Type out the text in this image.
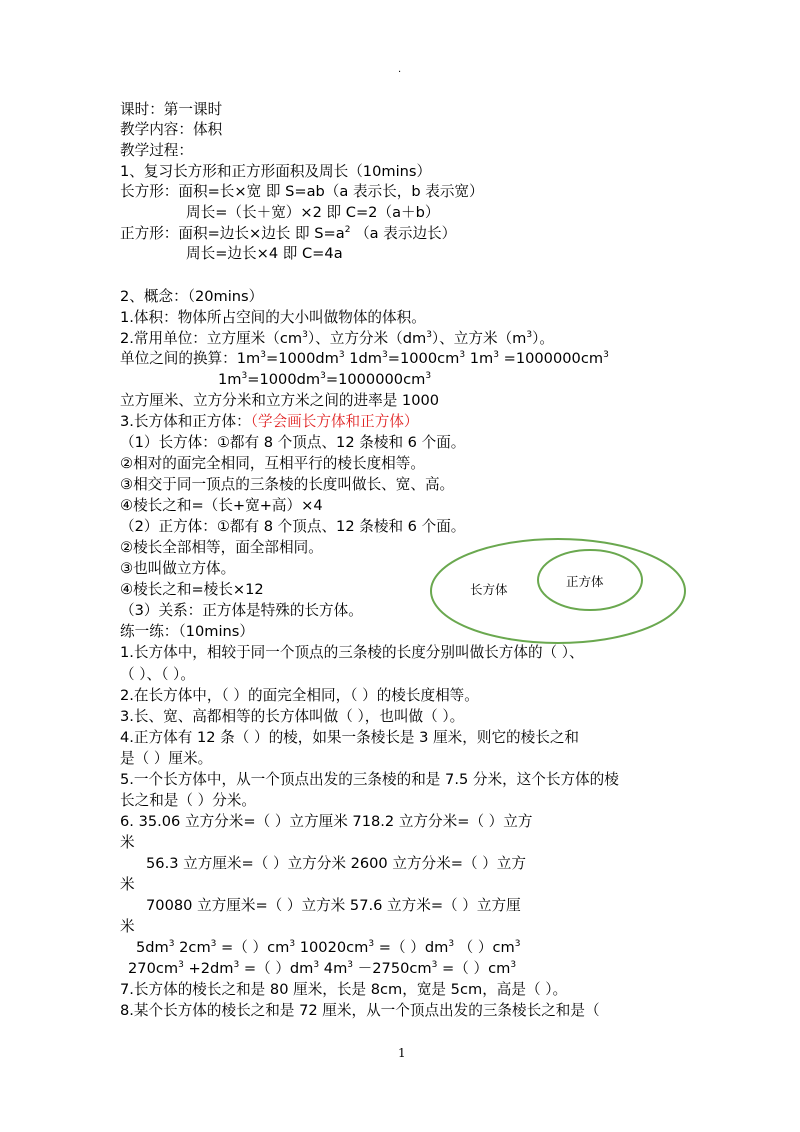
.
课时：第一课时
教学内容：体积
教学过程：
1、复习长方形和正方形面积及周长（10mins）
长方形：面积=长×宽 即 S=ab（a 表示长，b 表示宽）
周长=（长＋宽）×2 即 C=2（a＋b）
正方形：面积=边长×边长 即 $S=a^2$ （a 表示边长）
周长=边长×4 即 C=4a
2、概念：（20mins）
1.体积：物体所占空间的大小叫做物体的体积。
2.常用单位：立方厘米$(cm^3)$、立方分米$(dm^3)$、立方米$(m^3)$。
单位之间的换算：$1m^3=1000dm^3$ $1dm^3=1000cm^3$ $1m^3 =1000000cm^3$
$1m^3=1000dm^3=1000000cm^3$
立方厘米、立方分米和立方米之间的进率是 1000
3.长方体和正方体：（学会画长方体和正方体）
（1）长方体：①都有 8 个顶点、12 条棱和 6 个面。
②相对的面完全相同，互相平行的棱长度相等。
③相交于同一顶点的三条棱的长度叫做长、宽、高。
④棱长之和=（长+宽+高）×4
（2）正方体：①都有 8 个顶点、12 条棱和 6 个面。
②棱长全部相等，面全部相同。
③也叫做立方体。
④棱长之和=棱长×12
（3）关系：正方体是特殊的长方体。
练一练：（10mins）
1.长方体中，相较于同一个顶点的三条棱的长度分别叫做长方体的（ ）、
（ ）、（ ）。
2.在长方体中，（ ）的面完全相同，（ ）的棱长度相等。
3.长、宽、高都相等的长方体叫做（ ），也叫做（ ）。
4.正方体有 12 条（ ）的棱，如果一条棱长是 3 厘米，则它的棱长之和
是（ ）厘米。
5.一个长方体中，从一个顶点出发的三条棱的和是 7.5 分米，这个长方体的棱
长之和是（ ）分米。
6. 35.06 立方分米=（ ）立方厘米 718.2 立方分米=（ ）立方
米
56.3 立方厘米=（ ）立方分米 2600 立方分米=（ ）立方
米
70080 立方厘米=（ ）立方米 57.6 立方米=（ ）立方厘
米
$5dm^3$ $2cm^3$ =（ ）$cm^3$ $10020cm^3$ =（ ）$dm^3$ （ ）$cm^3$
$270cm^3 +2dm^3$ =（ ）$dm^3$ $4m^3 -2750cm^3$ =（ ）$cm^3$
7.长方体的棱长之和是 80 厘米，长是 8cm，宽是 5cm，高是（ ）。
8.某个长方体的棱长之和是 72 厘米，从一个顶点出发的三条棱长之和是（
长方体
正方体
1
